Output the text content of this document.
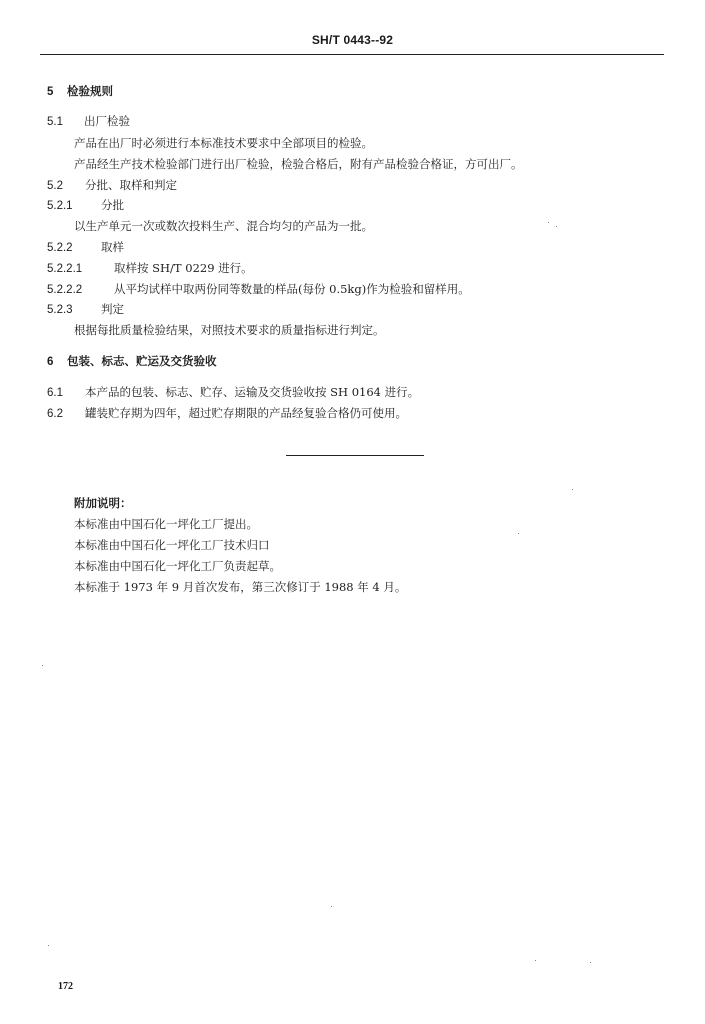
SH/T 0443--92
5 检验规则
5.1 出厂检验
产品在出厂时必须进行本标准技术要求中全部项目的检验。
产品经生产技术检验部门进行出厂检验，检验合格后，附有产品检验合格证，方可出厂。
5.2 分批、取样和判定
5.2.1 分批
以生产单元一次或数次投料生产、混合均匀的产品为一批。
5.2.2 取样
5.2.2.1	取样按 SH/T 0229 进行。
5.2.2.2	从平均试样中取两份同等数量的样品(每份 0.5kg)作为检验和留样用。
5.2.3 判定
根据每批质量检验结果，对照技术要求的质量指标进行判定。
6 包装、标志、贮运及交货验收
6.1 本产品的包装、标志、贮存、运输及交货验收按 SH 0164 进行。
6.2 罐装贮存期为四年，超过贮存期限的产品经复验合格仍可使用。
附加说明：
本标准由中国石化一坪化工厂提出。
本标准由中国石化一坪化工厂技术归口
本标准由中国石化一坪化工厂负责起草。
本标准于 1973 年 9 月首次发布，第三次修订于 1988 年 4 月。
172
